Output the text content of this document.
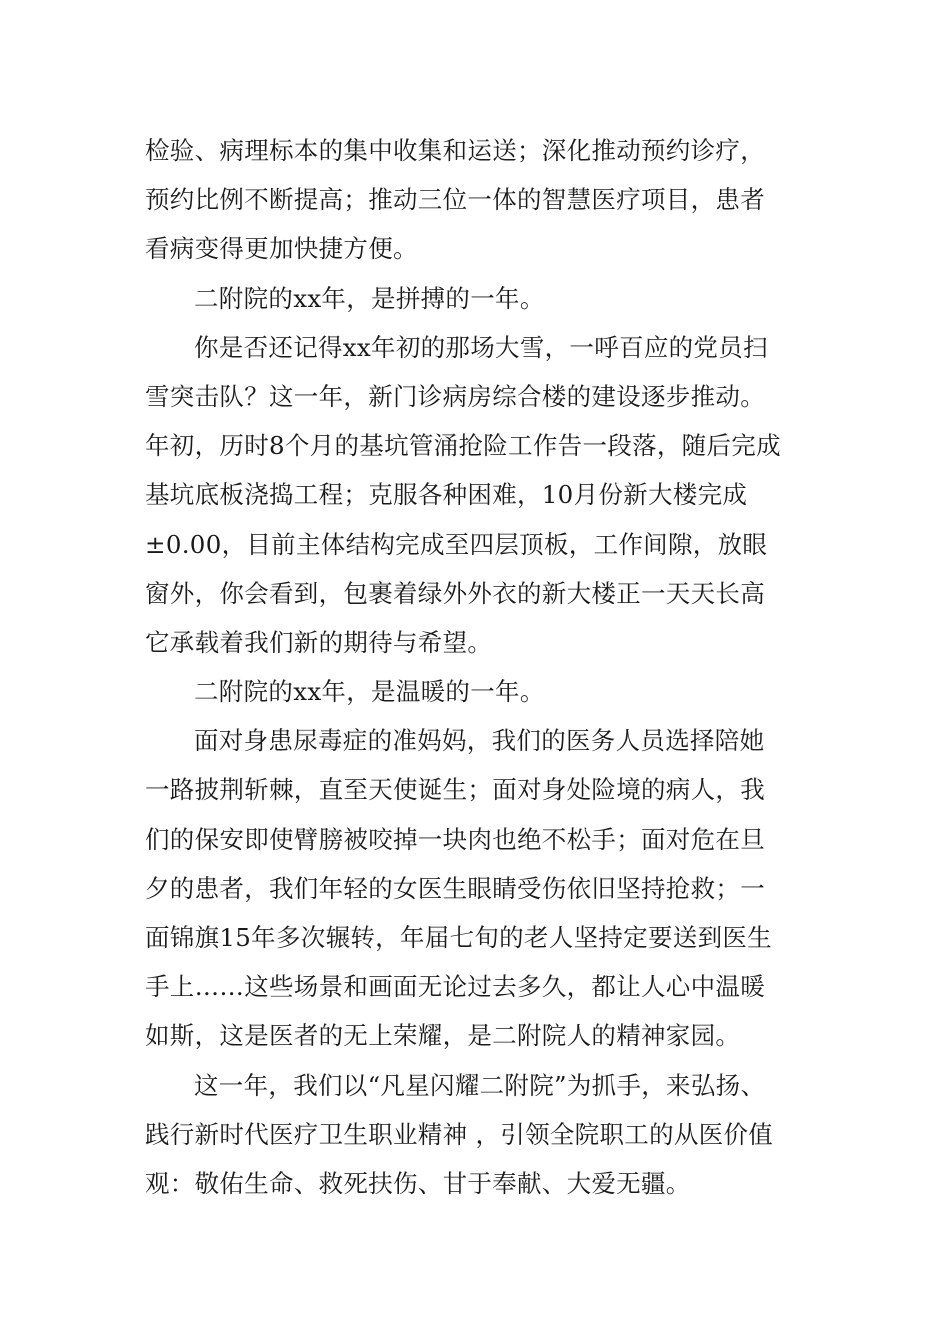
检验、病理标本的集中收集和运送；深化推动预约诊疗，

预约比例不断提高；推动三位一体的智慧医疗项目，患者

看病变得更加快捷方便。

二附院的xx年，是拼搏的一年。

你是否还记得xx年初的那场大雪，一呼百应的党员扫

雪突击队？这一年，新门诊病房综合楼的建设逐步推动。

年初，历时8个月的基坑管涌抢险工作告一段落，随后完成

基坑底板浇捣工程；克服各种困难，10月份新大楼完成

±0.00，目前主体结构完成至四层顶板，工作间隙，放眼

窗外，你会看到，包裹着绿外外衣的新大楼正一天天长高

它承载着我们新的期待与希望。

二附院的xx年，是温暖的一年。

面对身患尿毒症的准妈妈，我们的医务人员选择陪她

一路披荆斩棘，直至天使诞生；面对身处险境的病人，我

们的保安即使臂膀被咬掉一块肉也绝不松手；面对危在旦

夕的患者，我们年轻的女医生眼睛受伤依旧坚持抢救；一

面锦旗15年多次辗转，年届七旬的老人坚持定要送到医生

手上……这些场景和画面无论过去多久，都让人心中温暖

如斯，这是医者的无上荣耀，是二附院人的精神家园。

这一年，我们以“凡星闪耀二附院”为抓手，来弘扬、

践行新时代医疗卫生职业精神 ，引领全院职工的从医价值

观：敬佑生命、救死扶伤、甘于奉献、大爱无疆。
